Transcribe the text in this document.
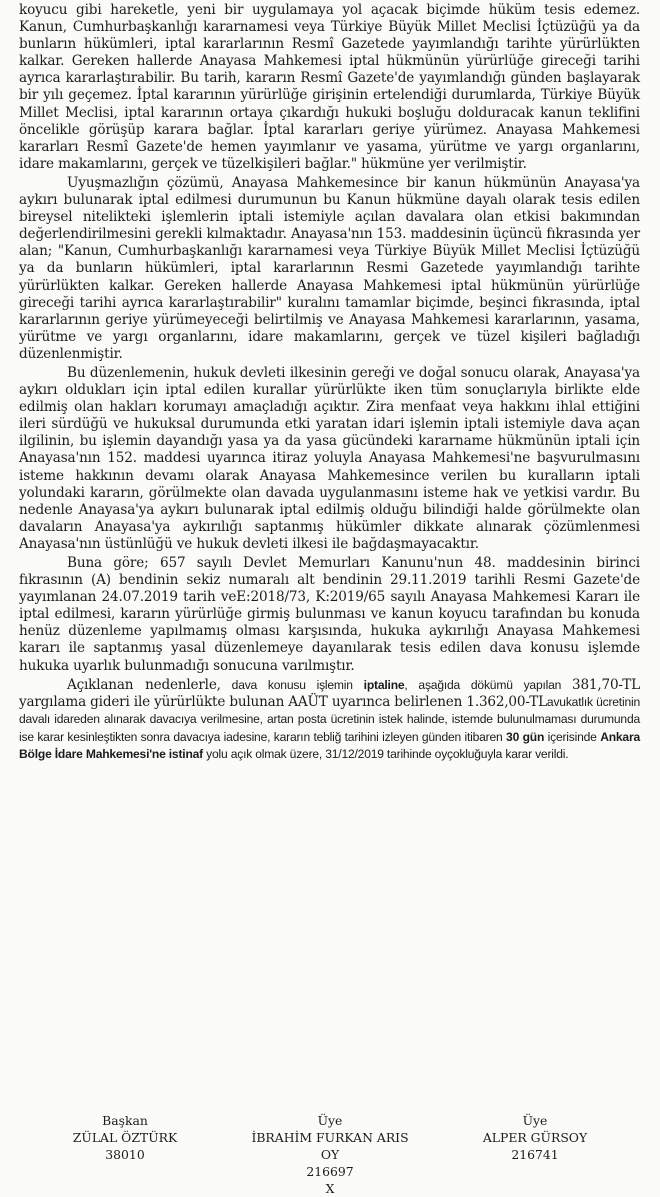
koyucu gibi hareketle, yeni bir uygulamaya yol açacak biçimde hüküm tesis edemez. Kanun, Cumhurbaşkanlığı kararnamesi veya Türkiye Büyük Millet Meclisi İçtüzüğü ya da bunların hükümleri, iptal kararlarının Resmî Gazetede yayımlandığı tarihte yürürlükten kalkar. Gereken hallerde Anayasa Mahkemesi iptal hükmünün yürürlüğe gireceği tarihi ayrıca kararlaştırabilir. Bu tarih, kararın Resmî Gazete'de yayımlandığı günden başlayarak bir yılı geçemez. İptal kararının yürürlüğe girişinin ertelendiği durumlarda, Türkiye Büyük Millet Meclisi, iptal kararının ortaya çıkardığı hukuki boşluğu dolduracak kanun teklifini öncelikle görüşüp karara bağlar. İptal kararları geriye yürümez. Anayasa Mahkemesi kararları Resmî Gazete'de hemen yayımlanır ve yasama, yürütme ve yargı organlarını, idare makamlarını, gerçek ve tüzelkişileri bağlar." hükmüne yer verilmiştir.

Uyuşmazlığın çözümü, Anayasa Mahkemesince bir kanun hükmünün Anayasa'ya aykırı bulunarak iptal edilmesi durumunun bu Kanun hükmüne dayalı olarak tesis edilen bireysel nitelikteki işlemlerin iptali istemiyle açılan davalara olan etkisi bakımından değerlendirilmesini gerekli kılmaktadır. Anayasa'nın 153. maddesinin üçüncü fıkrasında yer alan; "Kanun, Cumhurbaşkanlığı kararnamesi veya Türkiye Büyük Millet Meclisi İçtüzüğü ya da bunların hükümleri, iptal kararlarının Resmi Gazetede yayımlandığı tarihte yürürlükten kalkar. Gereken hallerde Anayasa Mahkemesi iptal hükmünün yürürlüğe gireceği tarihi ayrıca kararlaştırabilir" kuralını tamamlar biçimde, beşinci fıkrasında, iptal kararlarının geriye yürümeyeceği belirtilmiş ve Anayasa Mahkemesi kararlarının, yasama, yürütme ve yargı organlarını, idare makamlarını, gerçek ve tüzel kişileri bağladığı düzenlenmiştir.

Bu düzenlemenin, hukuk devleti ilkesinin gereği ve doğal sonucu olarak, Anayasa'ya aykırı oldukları için iptal edilen kurallar yürürlükte iken tüm sonuçlarıyla birlikte elde edilmiş olan hakları korumayı amaçladığı açıktır. Zira menfaat veya hakkını ihlal ettiğini ileri sürdüğü ve hukuksal durumunda etki yaratan idari işlemin iptali istemiyle dava açan ilgilinin, bu işlemin dayandığı yasa ya da yasa gücündeki kararname hükmünün iptali için Anayasa'nın 152. maddesi uyarınca itiraz yoluyla Anayasa Mahkemesi'ne başvurulmasını isteme hakkının devamı olarak Anayasa Mahkemesince verilen bu kuralların iptali yolundaki kararın, görülmekte olan davada uygulanmasını isteme hak ve yetkisi vardır. Bu nedenle Anayasa'ya aykırı bulunarak iptal edilmiş olduğu bilindiği halde görülmekte olan davaların Anayasa'ya aykırılığı saptanmış hükümler dikkate alınarak çözümlenmesi Anayasa'nın üstünlüğü ve hukuk devleti ilkesi ile bağdaşmayacaktır.

Buna göre; 657 sayılı Devlet Memurları Kanunu'nun 48. maddesinin birinci fıkrasının (A) bendinin sekiz numaralı alt bendinin 29.11.2019 tarihli Resmi Gazete'de yayımlanan 24.07.2019 tarih veE:2018/73, K:2019/65 sayılı Anayasa Mahkemesi Kararı ile iptal edilmesi, kararın yürürlüğe girmiş bulunması ve kanun koyucu tarafından bu konuda henüz düzenleme yapılmamış olması karşısında, hukuka aykırılığı Anayasa Mahkemesi kararı ile saptanmış yasal düzenlemeye dayanılarak tesis edilen dava konusu işlemde hukuka uyarlık bulunmadığı sonucuna varılmıştır.

Açıklanan nedenlerle, dava konusu işlemin iptaline, aşağıda dökümü yapılan 381,70-TL yargılama gideri ile yürürlükte bulunan AAÜT uyarınca belirlenen 1.362,00-TLavukatlık ücretinin davalı idareden alınarak davacıya verilmesine, artan posta ücretinin istek halinde, istemde bulunulmaması durumunda ise karar kesinleştikten sonra davacıya iadesine, kararın tebliğ tarihini izleyen günden itibaren 30 gün içerisinde Ankara Bölge İdare Mahkemesi'ne istinaf yolu açık olmak üzere, 31/12/2019 tarihinde oyçokluğuyla karar verildi.

Başkan
ZÜLAL ÖZTÜRK
38010
Üye
İBRAHİM FURKAN ARIS
OY
216697
X
Üye
ALPER GÜRSOY
216741
